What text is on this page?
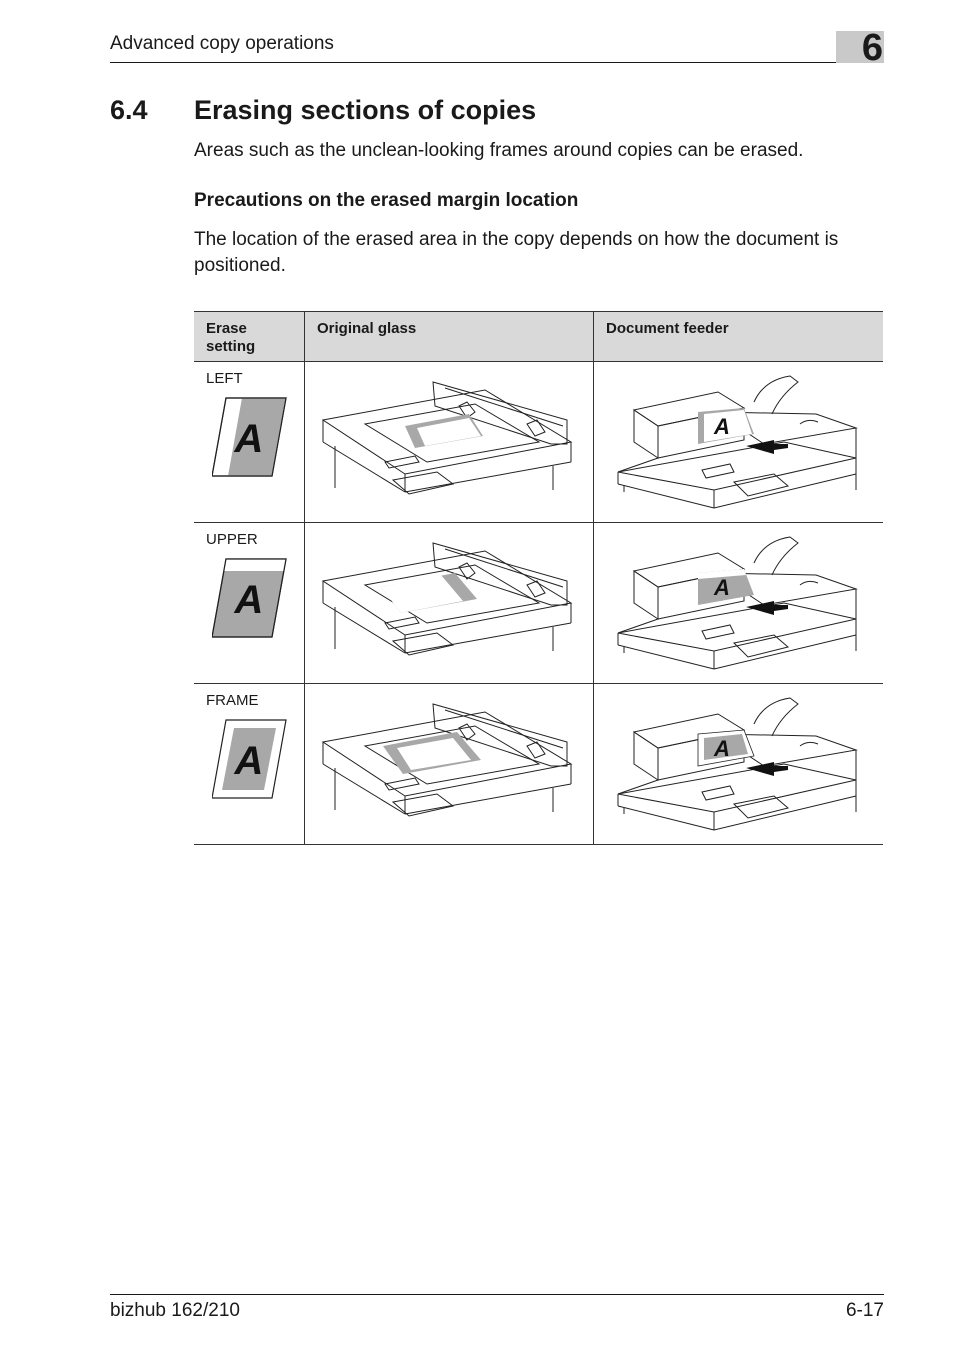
Advanced copy operations	6
6.4 Erasing sections of copies

Areas such as the unclean-looking frames around copies can be erased.

Precautions on the erased margin location

The location of the erased area in the copy depends on how the document is positioned.

Erase setting	Original glass	Document feeder

LEFT
A		A

UPPER
A		A

FRAME
A		A
bizhub 162/210	6-17
